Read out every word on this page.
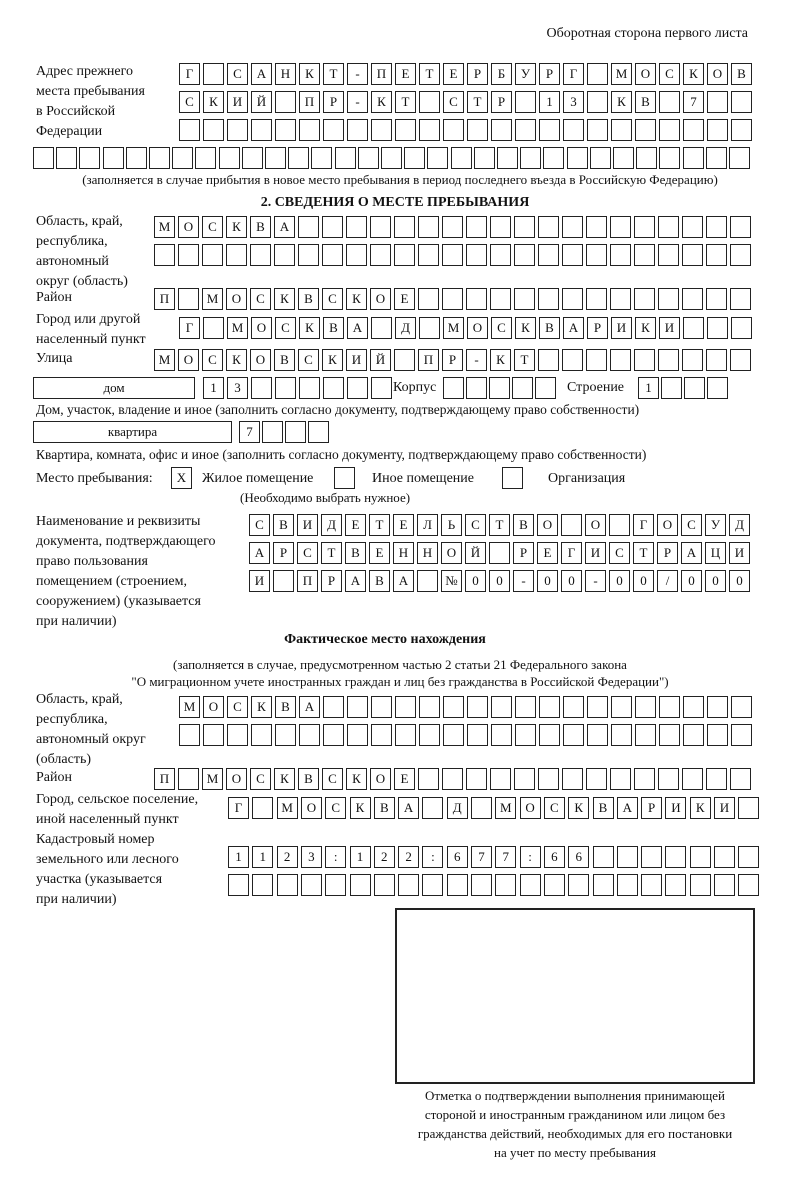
Оборотная сторона первого листа
Адрес прежнего
места пребывания
в Российской
Федерации
Г	С	А	Н	К	Т	-	П	Е	Т	Е	Р	Б	У	Р	Г	М	О	С	К	О	В
С	К	И	Й	П	Р	-	К	Т	С	Т	Р	1	3	К	В	7
(заполняется в случае прибытия в новое место пребывания в период последнего въезда в Российскую Федерацию)
2. СВЕДЕНИЯ О МЕСТЕ ПРЕБЫВАНИЯ
Область, край,
республика,
автономный
округ (область)
М	О	С	К	В	А
Район	П	М	О	С	К	В	С	К	О	Е
Город или другой
населенный пункт
Г	М	О	С	К	В	А	Д	М	О	С	К	В	А	Р	И	К	И
Улица	М	О	С	К	О	В	С	К	И	Й	П	Р	-	К	Т
дом	1	3	Корпус	Строение	1
Дом, участок, владение и иное (заполнить согласно документу, подтверждающему право собственности)
квартира	7
Квартира, комната, офис и иное (заполнить согласно документу, подтверждающему право собственности)
Место пребывания:	Х	Жилое помещение	Иное помещение	Организация
(Необходимо выбрать нужное)
Наименование и реквизиты
документа, подтверждающего
право пользования
помещением (строением,
сооружением) (указывается
при наличии)
С	В	И	Д	Е	Т	Е	Л	Ь	С	Т	В	О	О	Г	О	С	У	Д
А	Р	С	Т	В	Е	Н	Н	О	Й	Р	Е	Г	И	С	Т	Р	А	Ц	И
И	П	Р	А	В	А	№	0	0	-	0	0	-	0	0	/	0	0	0
Фактическое место нахождения
(заполняется в случае, предусмотренном частью 2 статьи 21 Федерального закона
"О миграционном учете иностранных граждан и лиц без гражданства в Российской Федерации")
Область, край,
республика,
автономный округ
(область)
М	О	С	К	В	А
Район	П	М	О	С	К	В	С	К	О	Е
Город, сельское поселение,
иной населенный пункт
Г	М	О	С	К	В	А	Д	М	О	С	К	В	А	Р	И	К	И
Кадастровый номер
земельного или лесного
участка (указывается
при наличии)
1	1	2	3	:	1	2	2	:	6	7	7	:	6	6
Отметка о подтверждении выполнения принимающей
стороной и иностранным гражданином или лицом без
гражданства действий, необходимых для его постановки
на учет по месту пребывания
